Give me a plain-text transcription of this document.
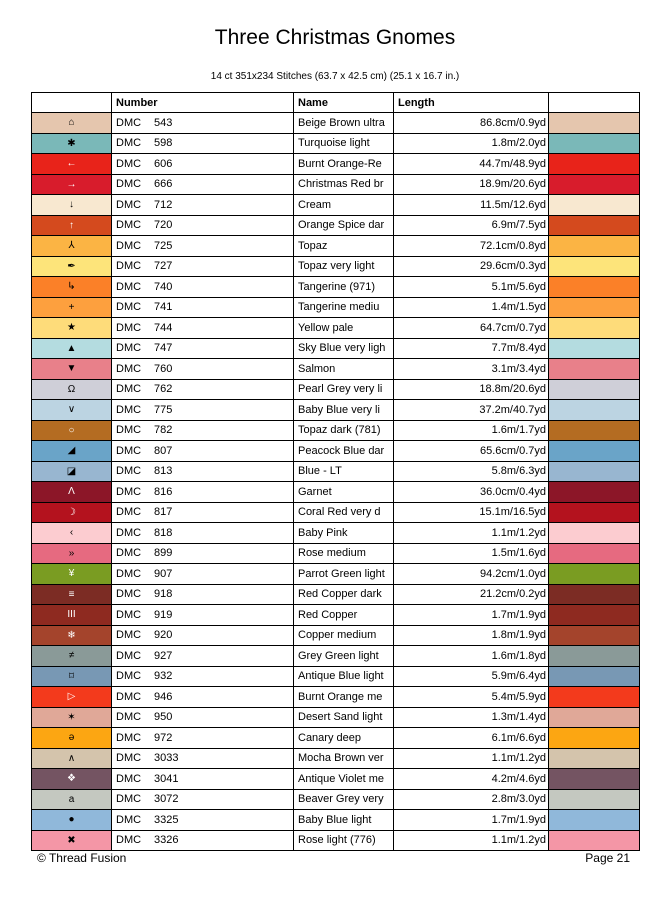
Three Christmas Gnomes
14 ct 351x234 Stitches (63.7 x 42.5 cm) (25.1 x 16.7 in.)
	Number	Name	Length	
⌂	DMC 543	Beige Brown ultra	86.8cm/0.9yd	
✱	DMC 598	Turquoise light	1.8m/2.0yd	
←	DMC 606	Burnt Orange-Re	44.7m/48.9yd	
→	DMC 666	Christmas Red br	18.9m/20.6yd	
↓	DMC 712	Cream	11.5m/12.6yd	
↑	DMC 720	Orange Spice dar	6.9m/7.5yd	
⅄	DMC 725	Topaz	72.1cm/0.8yd	
✒	DMC 727	Topaz very light	29.6cm/0.3yd	
↳	DMC 740	Tangerine (971)	5.1m/5.6yd	
+	DMC 741	Tangerine mediu	1.4m/1.5yd	
★	DMC 744	Yellow pale	64.7cm/0.7yd	
▲	DMC 747	Sky Blue very ligh	7.7m/8.4yd	
▼	DMC 760	Salmon	3.1m/3.4yd	
Ω	DMC 762	Pearl Grey very li	18.8m/20.6yd	
∨	DMC 775	Baby Blue very li	37.2m/40.7yd	
○	DMC 782	Topaz dark (781)	1.6m/1.7yd	
◢	DMC 807	Peacock Blue dar	65.6cm/0.7yd	
◪	DMC 813	Blue - LT	5.8m/6.3yd	
Λ	DMC 816	Garnet	36.0cm/0.4yd	
☽	DMC 817	Coral Red very d	15.1m/16.5yd	
‹	DMC 818	Baby Pink	1.1m/1.2yd	
»	DMC 899	Rose medium	1.5m/1.6yd	
¥	DMC 907	Parrot Green light	94.2cm/1.0yd	
≡	DMC 918	Red Copper dark	21.2cm/0.2yd	
III	DMC 919	Red Copper	1.7m/1.9yd	
❄	DMC 920	Copper medium	1.8m/1.9yd	
≠	DMC 927	Grey Green light	1.6m/1.8yd	
⌑	DMC 932	Antique Blue light	5.9m/6.4yd	
▷	DMC 946	Burnt Orange me	5.4m/5.9yd	
✶	DMC 950	Desert Sand light	1.3m/1.4yd	
ə	DMC 972	Canary deep	6.1m/6.6yd	
∧	DMC 3033	Mocha Brown ver	1.1m/1.2yd	
❖	DMC 3041	Antique Violet me	4.2m/4.6yd	
a	DMC 3072	Beaver Grey very	2.8m/3.0yd	
●	DMC 3325	Baby Blue light	1.7m/1.9yd	
✖	DMC 3326	Rose light (776)	1.1m/1.2yd	
© Thread Fusion	Page 21
